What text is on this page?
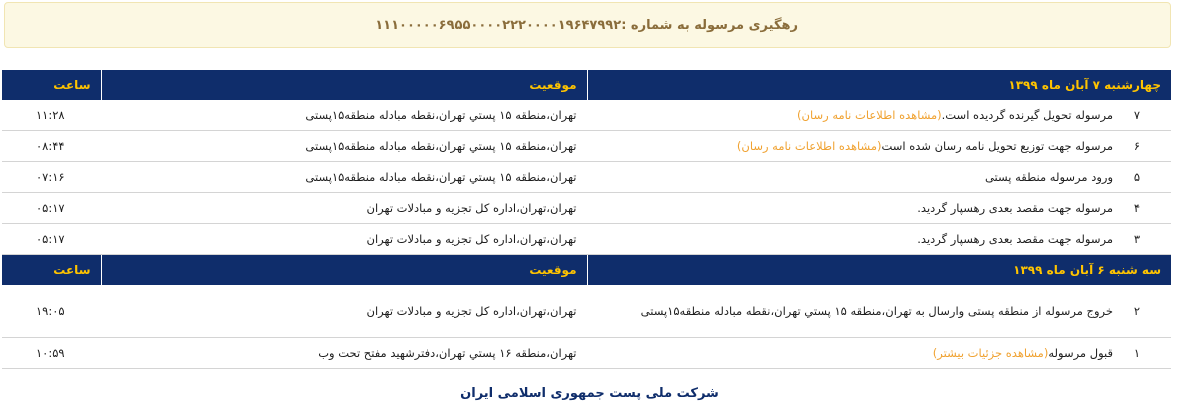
رهگیری مرسوله به شماره :۱۱۱۰۰۰۰۰۶۹۵۵۰۰۰۰۲۲۲۰۰۰۰۱۹۶۴۷۹۹۲
چهارشنبه ۷ آبان ماه ۱۳۹۹	موقعیت	ساعت

۷
مرسوله تحویل گیرنده گردیده است.(مشاهده اطلاعات نامه رسان)	تهران،منطقه ۱۵ پستي تهران،نقطه مبادله منطقه۱۵پستی	۱۱:۲۸

۶
مرسوله جهت توزیع تحویل نامه رسان شده است(مشاهده اطلاعات نامه رسان)	تهران،منطقه ۱۵ پستي تهران،نقطه مبادله منطقه۱۵پستی	۰۸:۴۴

۵
ورود مرسوله منطقه پستی	تهران،منطقه ۱۵ پستي تهران،نقطه مبادله منطقه۱۵پستی	۰۷:۱۶

۴
مرسوله جهت مقصد بعدی رهسپار گردید.	تهران،تهران،اداره کل تجزیه و مبادلات تهران	۰۵:۱۷

۳
مرسوله جهت مقصد بعدی رهسپار گردید.	تهران،تهران،اداره کل تجزیه و مبادلات تهران	۰۵:۱۷
سه شنبه ۶ آبان ماه ۱۳۹۹	موقعیت	ساعت

۲
خروج مرسوله از منطقه پستی وارسال به تهران،منطقه ۱۵ پستي تهران،نقطه مبادله منطقه۱۵پستی	تهران،تهران،اداره کل تجزیه و مبادلات تهران	۱۹:۰۵

۱
قبول مرسوله(مشاهده جزئیات بیشتر)	تهران،منطقه ۱۶ پستي تهران،دفترشهید مفتح تحت وب	۱۰:۵۹
شرکت ملی پست جمهوری اسلامی ایران
